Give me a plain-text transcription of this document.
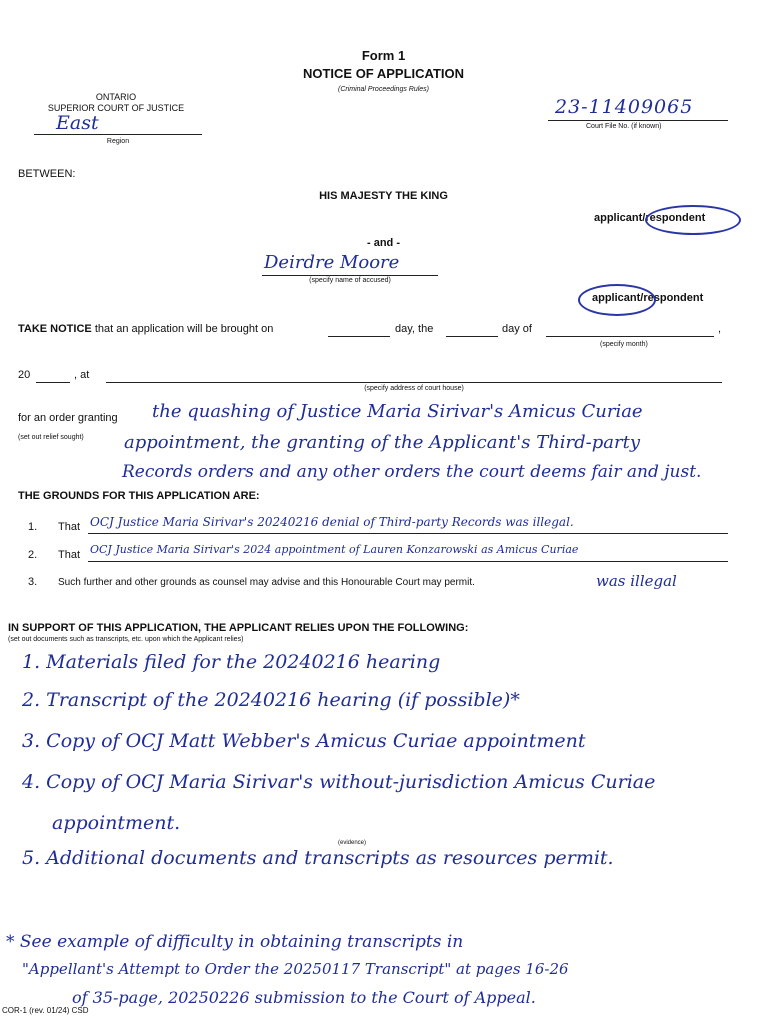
Form 1
NOTICE OF APPLICATION
(Criminal Proceedings Rules)
ONTARIO
SUPERIOR COURT OF JUSTICE
East
Region
23-11409065
Court File No. (if known)
BETWEEN:
HIS MAJESTY THE KING
applicant/respondent
- and -
Deirdre Moore
(specify name of accused)
applicant/respondent
TAKE NOTICE that an application will be brought on	day, the	day of	,
(specify month)
20	, at
(specify address of court house)
for an order granting
(set out relief sought)
the quashing of Justice Maria Sirivar's Amicus Curiae
appointment, the granting of the Applicant's Third-party
Records orders and any other orders the court deems fair and just.
THE GROUNDS FOR THIS APPLICATION ARE:
1. That OCJ Justice Maria Sirivar's 20240216 denial of Third-party Records was illegal.
2. That OCJ Justice Maria Sirivar's 2024 appointment of Lauren Konzarowski as Amicus Curiae
3. Such further and other grounds as counsel may advise and this Honourable Court may permit.	was illegal
IN SUPPORT OF THIS APPLICATION, THE APPLICANT RELIES UPON THE FOLLOWING:
(set out documents such as transcripts, etc. upon which the Applicant relies)
1. Materials filed for the 20240216 hearing
2. Transcript of the 20240216 hearing (if possible)*
3. Copy of OCJ Matt Webber's Amicus Curiae appointment
4. Copy of OCJ Maria Sirivar's without-jurisdiction Amicus Curiae
appointment.
(evidence)
5. Additional documents and transcripts as resources permit.
* See example of difficulty in obtaining transcripts in
"Appellant's Attempt to Order the 20250117 Transcript" at pages 16-26
of 35-page, 20250226 submission to the Court of Appeal.
COR-1 (rev. 01/24) CSD
